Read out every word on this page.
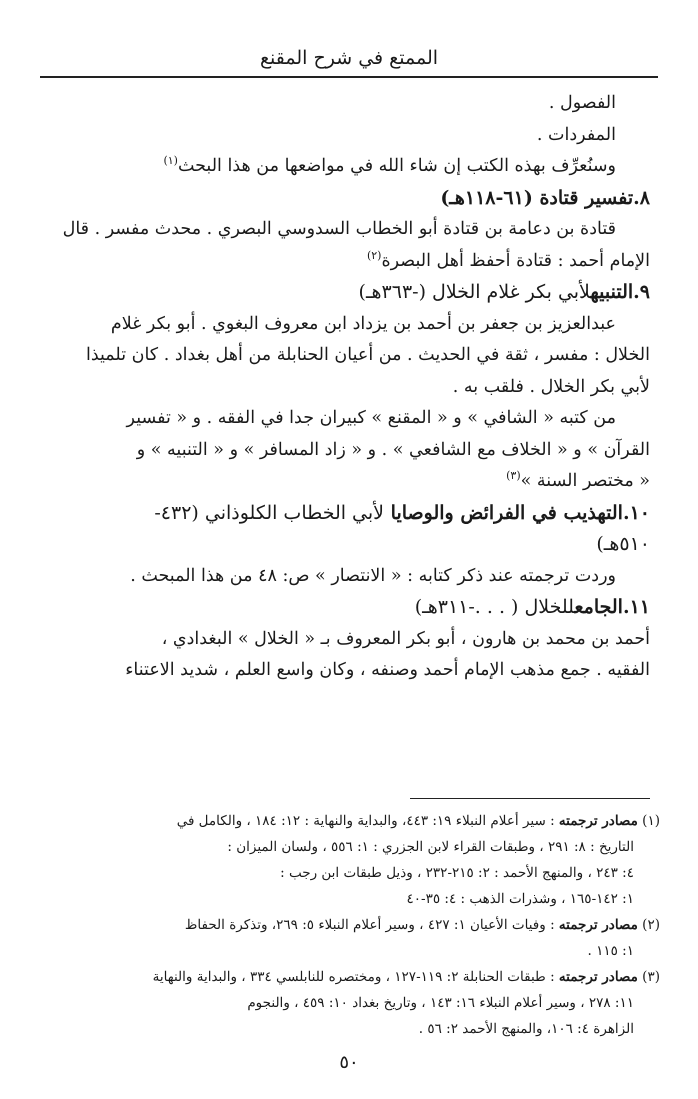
الممتع في شرح المقنع

الفصول .

المفردات .

وسنُعرِّف بهذه الكتب إن شاء الله في مواضعها من هذا البحث$^{(١)}$

٨.تفسير قتادة (٦١-١١٨هـ)

قتادة بن دعامة بن قتادة أبو الخطاب السدوسي البصري . محدث مفسر . قال

الإمام أحمد : قتادة أحفظ أهل البصرة$^{(٢)}$

٩.التنبيهلأبي بكر غلام الخلال (-٣٦٣هـ)

عبدالعزيز بن جعفر بن أحمد بن يزداد ابن معروف البغوي . أبو بكر غلام

الخلال : مفسر ، ثقة في الحديث . من أعيان الحنابلة من أهل بغداد . كان تلميذا

لأبي بكر الخلال . فلقب به .

من كتبه « الشافي » و « المقنع » كبيران جدا في الفقه . و « تفسير

القرآن » و « الخلاف مع الشافعي » . و « زاد المسافر » و « التنبيه » و

« مختصر السنة »$^{(٣)}$

١٠.التهذيب في الفرائض والوصايا لأبي الخطاب الكلوذاني (٤٣٢-

٥١٠هـ)

وردت ترجمته عند ذكر كتابه : « الانتصار » ص: ٤٨ من هذا المبحث .

١١.الجامعللخلال ( . . .-٣١١هـ)

أحمد بن محمد بن هارون ، أبو بكر المعروف بـ « الخلال » البغدادي ،

الفقيه . جمع مذهب الإمام أحمد وصنفه ، وكان واسع العلم ، شديد الاعتناء

(١) مصادر ترجمته : سير أعلام النبلاء ١٩: ٤٤٣، والبداية والنهاية : ١٢: ١٨٤ ، والكامل في

التاريخ : ٨: ٢٩١ ، وطبقات القراء لابن الجزري : ١: ٥٥٦ ، ولسان الميزان :

٤: ٢٤٣ ، والمنهج الأحمد : ٢: ٢١٥-٢٣٢ ، وذيل طبقات ابن رجب :

١: ١٤٢-١٦٥ ، وشذرات الذهب : ٤: ٣٥-٤٠

(٢) مصادر ترجمته : وفيات الأعيان ١: ٤٢٧ ، وسير أعلام النبلاء ٥: ٢٦٩، وتذكرة الحفاظ

١: ١١٥ .

(٣) مصادر ترجمته : طبقات الحنابلة ٢: ١١٩-١٢٧ ، ومختصره للنابلسي ٣٣٤ ، والبداية والنهاية

١١: ٢٧٨ ، وسير أعلام النبلاء ١٦: ١٤٣ ، وتاريخ بغداد ١٠: ٤٥٩ ، والنجوم

الزاهرة ٤: ١٠٦، والمنهج الأحمد ٢: ٥٦ .

٥٠
